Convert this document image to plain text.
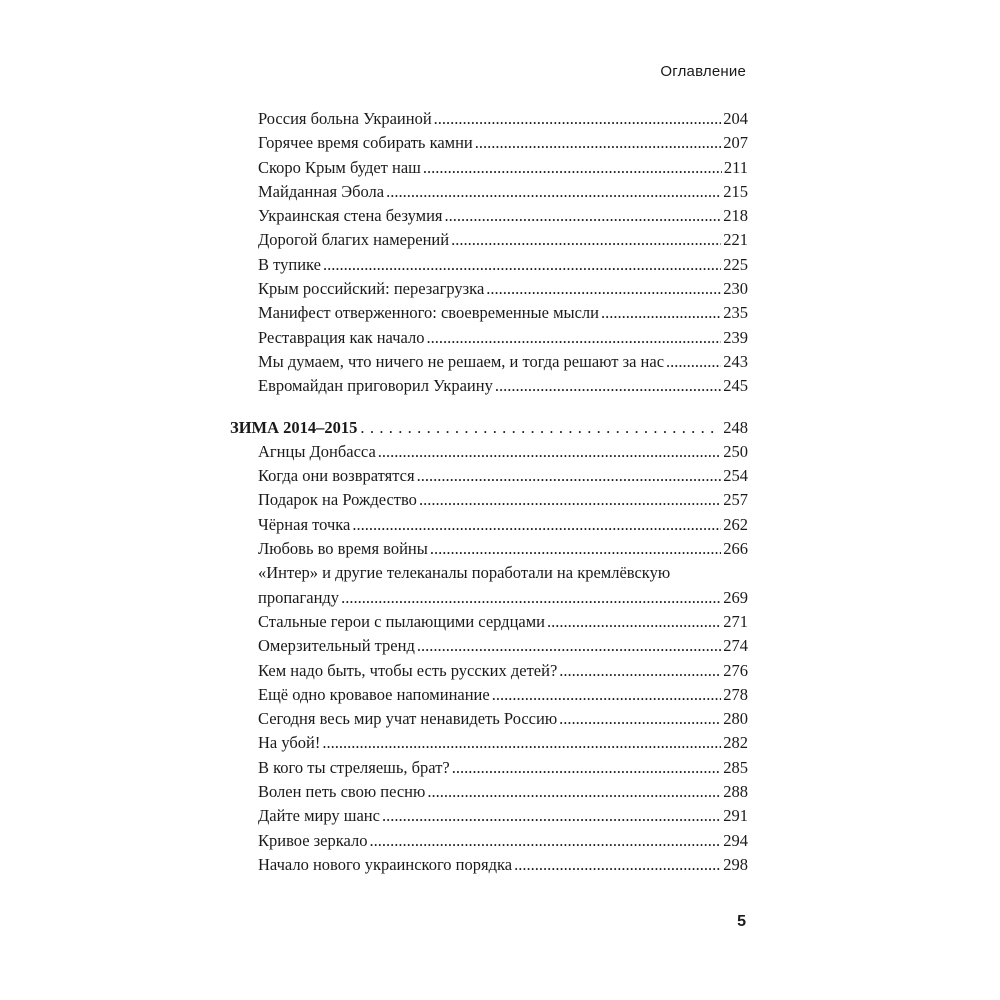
Оглавление
Россия больна Украиной .....	204
Горячее время собирать камни .....	207
Скоро Крым будет наш .....	211
Майданная Эбола .....	215
Украинская стена безумия .....	218
Дорогой благих намерений .....	221
В тупике .....	225
Крым российский: перезагрузка .....	230
Манифест отверженного: своевременные мысли .....	235
Реставрация как начало .....	239
Мы думаем, что ничего не решаем, и тогда решают за нас .....	243
Евромайдан приговорил Украину .....	245
ЗИМА 2014–2015 . . .	248
Агнцы Донбасса .....	250
Когда они возвратятся .....	254
Подарок на Рождество .....	257
Чёрная точка .....	262
Любовь во время войны .....	266
«Интер» и другие телеканалы поработали на кремлёвскую
пропаганду .....	269
Стальные герои с пылающими сердцами .....	271
Омерзительный тренд .....	274
Кем надо быть, чтобы есть русских детей? .....	276
Ещё одно кровавое напоминание .....	278
Сегодня весь мир учат ненавидеть Россию .....	280
На убой! .....	282
В кого ты стреляешь, брат? .....	285
Волен петь свою песню .....	288
Дайте миру шанс .....	291
Кривое зеркало .....	294
Начало нового украинского порядка .....	298
5
